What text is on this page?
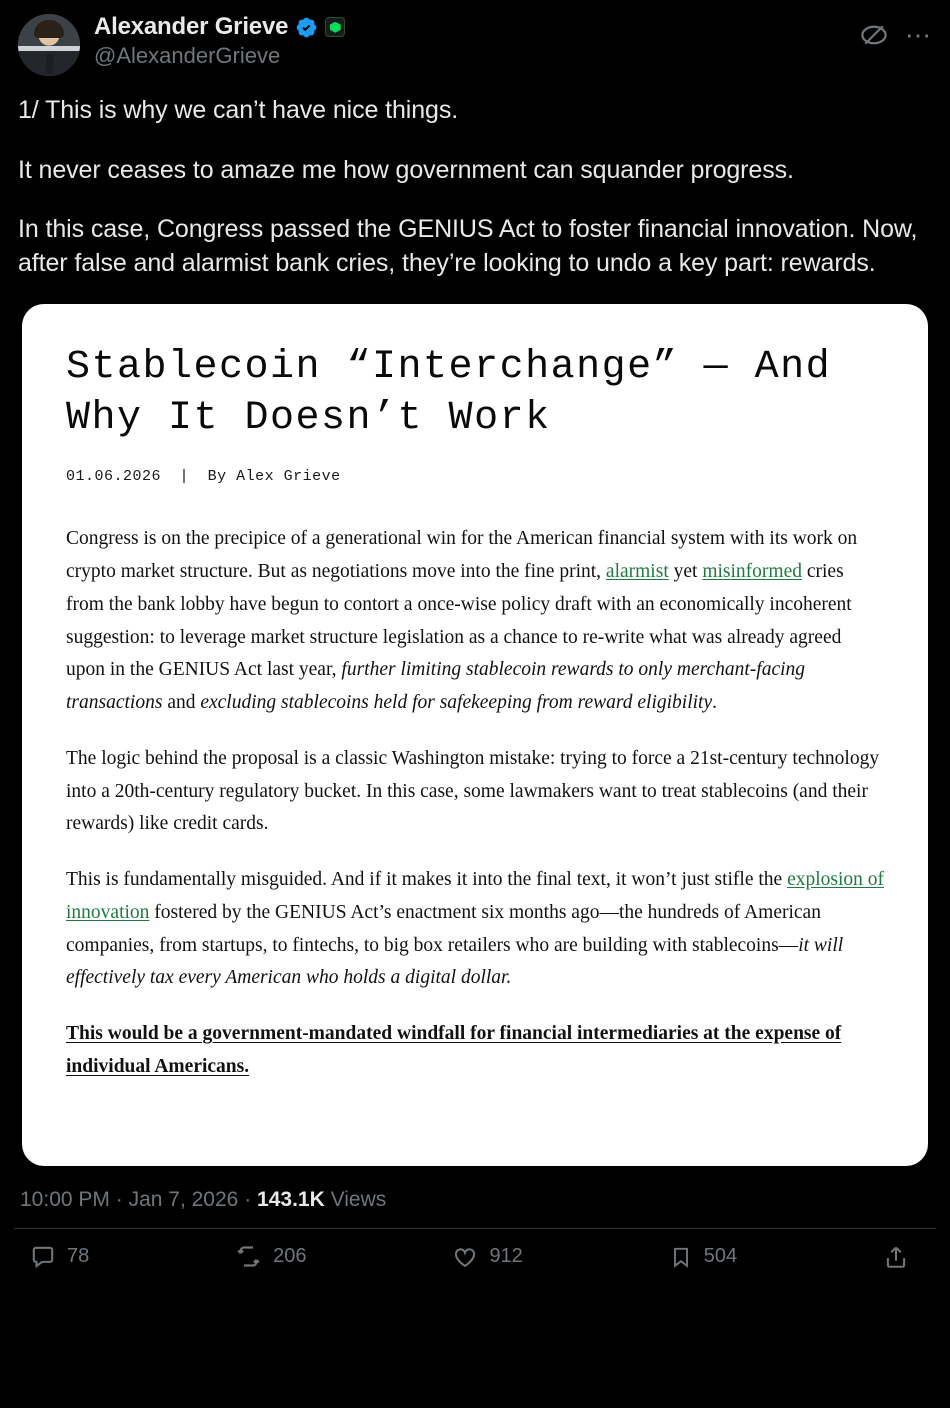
Alexander Grieve
@AlexanderGrieve
⋯

1/ This is why we can’t have nice things.

It never ceases to amaze me how government can squander progress.

In this case, Congress passed the GENIUS Act to foster financial innovation. Now, after false and alarmist bank cries, they’re looking to undo a key part: rewards.

Stablecoin “Interchange” — And Why It Doesn’t Work
01.06.2026 | By Alex Grieve

Congress is on the precipice of a generational win for the American financial system with its work on crypto market structure. But as negotiations move into the fine print, alarmist yet misinformed cries from the bank lobby have begun to contort a once-wise policy draft with an economically incoherent suggestion: to leverage market structure legislation as a chance to re-write what was already agreed upon in the GENIUS Act last year, further limiting stablecoin rewards to only merchant-facing transactions and excluding stablecoins held for safekeeping from reward eligibility.

The logic behind the proposal is a classic Washington mistake: trying to force a 21st-century technology into a 20th-century regulatory bucket. In this case, some lawmakers want to treat stablecoins (and their rewards) like credit cards.

This is fundamentally misguided. And if it makes it into the final text, it won’t just stifle the explosion of innovation fostered by the GENIUS Act’s enactment six months ago—the hundreds of American companies, from startups, to fintechs, to big box retailers who are building with stablecoins—it will effectively tax every American who holds a digital dollar.

This would be a government-mandated windfall for financial intermediaries at the expense of individual Americans.

10:00 PM · Jan 7, 2026 · 143.1K Views
78	206	912	504
